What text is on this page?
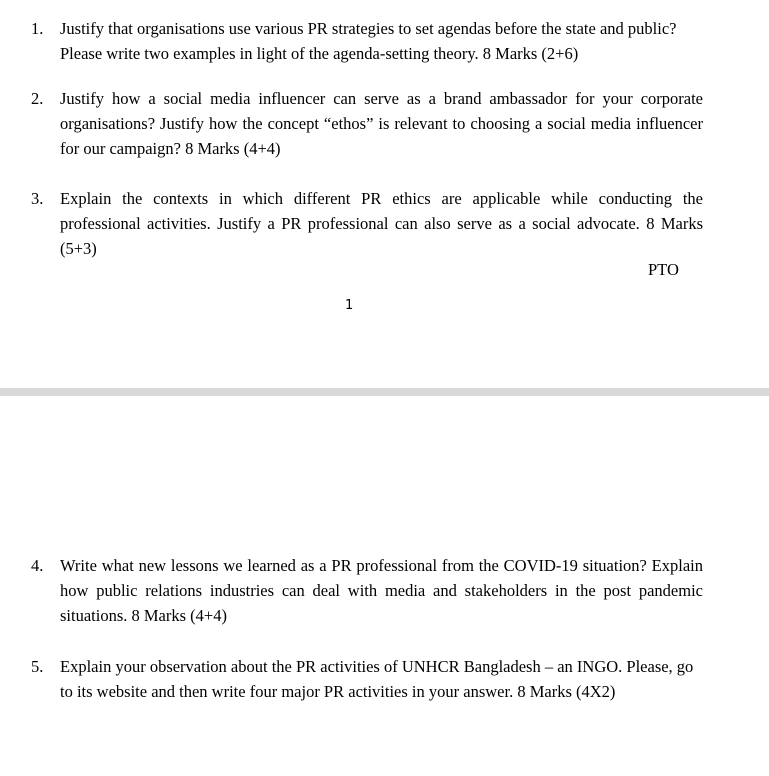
1.	Justify that organisations use various PR strategies to set agendas before the state and public? Please write two examples in light of the agenda-setting theory. 8 Marks (2+6)
2.	Justify how a social media influencer can serve as a brand ambassador for your corporate organisations? Justify how the concept “ethos” is relevant to choosing a social media influencer for our campaign? 8 Marks (4+4)
3.	Explain the contexts in which different PR ethics are applicable while conducting the professional activities. Justify a PR professional can also serve as a social advocate. 8 Marks (5+3)
PTO
1
4.	Write what new lessons we learned as a PR professional from the COVID-19 situation? Explain how public relations industries can deal with media and stakeholders in the post pandemic situations. 8 Marks (4+4)
5.	Explain your observation about the PR activities of UNHCR Bangladesh – an INGO. Please, go to its website and then write four major PR activities in your answer. 8 Marks (4X2)
